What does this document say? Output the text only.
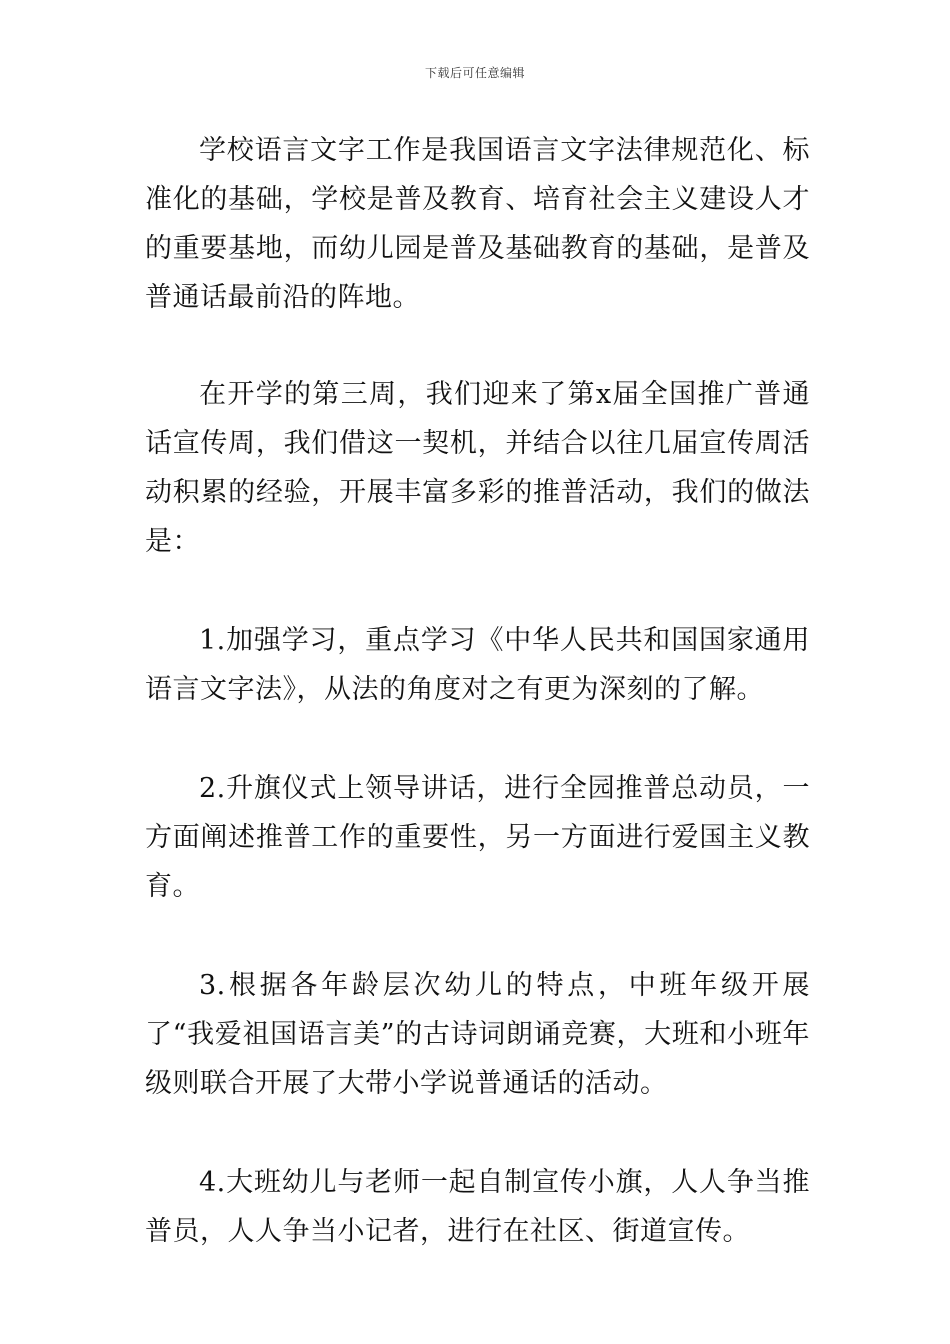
下载后可任意编辑

学校语言文字工作是我国语言文字法律规范化、标准化的基础，学校是普及教育、培育社会主义建设人才的重要基地，而幼儿园是普及基础教育的基础，是普及普通话最前沿的阵地。

在开学的第三周，我们迎来了第x届全国推广普通话宣传周，我们借这一契机，并结合以往几届宣传周活动积累的经验，开展丰富多彩的推普活动，我们的做法是：

1.加强学习，重点学习《中华人民共和国国家通用语言文字法》，从法的角度对之有更为深刻的了解。

2.升旗仪式上领导讲话，进行全园推普总动员，一方面阐述推普工作的重要性，另一方面进行爱国主义教育。

3.根据各年龄层次幼儿的特点，中班年级开展了“我爱祖国语言美”的古诗词朗诵竞赛，大班和小班年级则联合开展了大带小学说普通话的活动。

4.大班幼儿与老师一起自制宣传小旗，人人争当推普员，人人争当小记者，进行在社区、街道宣传。
